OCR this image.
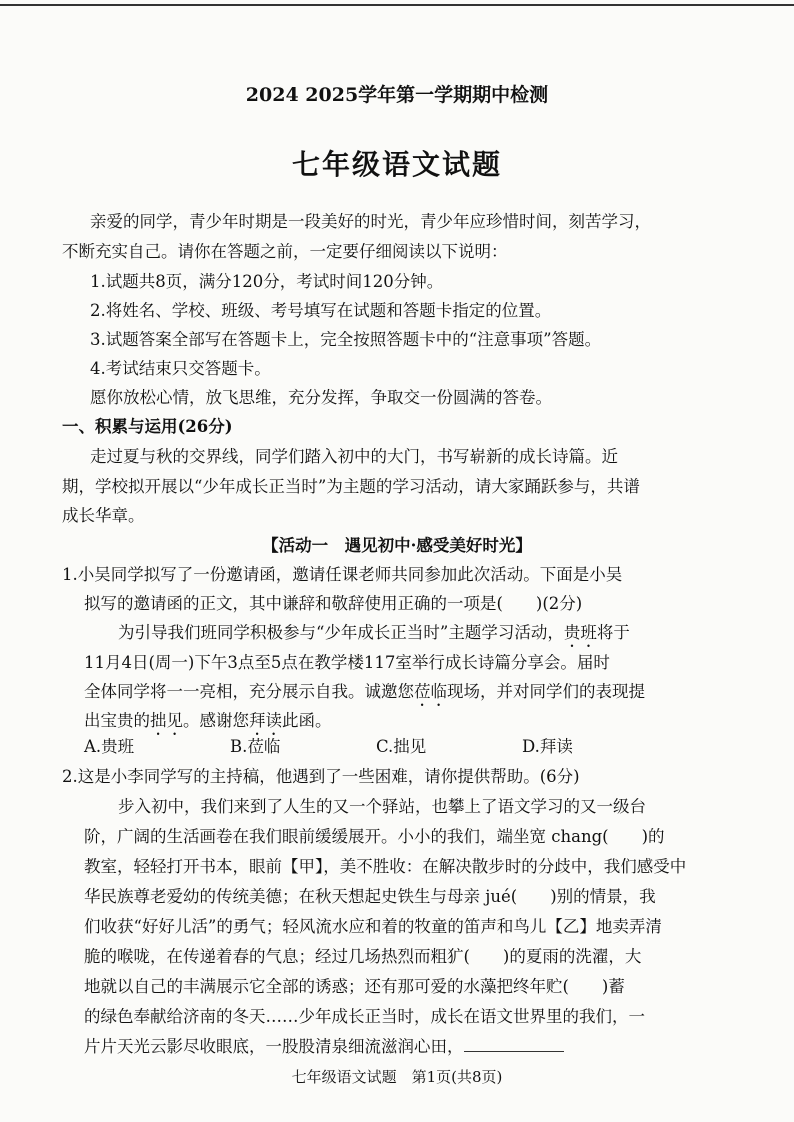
2024 2025学年第一学期期中检测
七年级语文试题
亲爱的同学，青少年时期是一段美好的时光，青少年应珍惜时间，刻苦学习，
不断充实自己。请你在答题之前，一定要仔细阅读以下说明：
1.试题共8页，满分120分，考试时间120分钟。
2.将姓名、学校、班级、考号填写在试题和答题卡指定的位置。
3.试题答案全部写在答题卡上，完全按照答题卡中的“注意事项”答题。
4.考试结束只交答题卡。
愿你放松心情，放飞思维，充分发挥，争取交一份圆满的答卷。
一、积累与运用(26分)
走过夏与秋的交界线，同学们踏入初中的大门，书写崭新的成长诗篇。近
期，学校拟开展以“少年成长正当时”为主题的学习活动，请大家踊跃参与，共谱
成长华章。
【活动一　遇见初中·感受美好时光】
1.小吴同学拟写了一份邀请函，邀请任课老师共同参加此次活动。下面是小吴
拟写的邀请函的正文，其中谦辞和敬辞使用正确的一项是(　　)(2分)
为引导我们班同学积极参与“少年成长正当时”主题学习活动，贵班将于
11月4日(周一)下午3点至5点在教学楼117室举行成长诗篇分享会。届时
全体同学将一一亮相，充分展示自我。诚邀您莅临现场，并对同学们的表现提
出宝贵的拙见。感谢您拜读此函。
A.贵班	B.莅临	C.拙见	D.拜读
2.这是小李同学写的主持稿，他遇到了一些困难，请你提供帮助。(6分)
步入初中，我们来到了人生的又一个驿站，也攀上了语文学习的又一级台
阶，广阔的生活画卷在我们眼前缓缓展开。小小的我们，端坐宽 chang(　　)的
教室，轻轻打开书本，眼前【甲】，美不胜收：在解决散步时的分歧中，我们感受中
华民族尊老爱幼的传统美德；在秋天想起史铁生与母亲 jué(　　)别的情景，我
们收获“好好儿活”的勇气；轻风流水应和着的牧童的笛声和鸟儿【乙】地卖弄清
脆的喉咙，在传递着春的气息；经过几场热烈而粗犷(　　)的夏雨的洗濯，大
地就以自己的丰满展示它全部的诱惑；还有那可爱的水藻把终年贮(　　)蓄
的绿色奉献给济南的冬天……少年成长正当时，成长在语文世界里的我们，一
片片天光云影尽收眼底，一股股清泉细流滋润心田，
七年级语文试题　第1页(共8页)
